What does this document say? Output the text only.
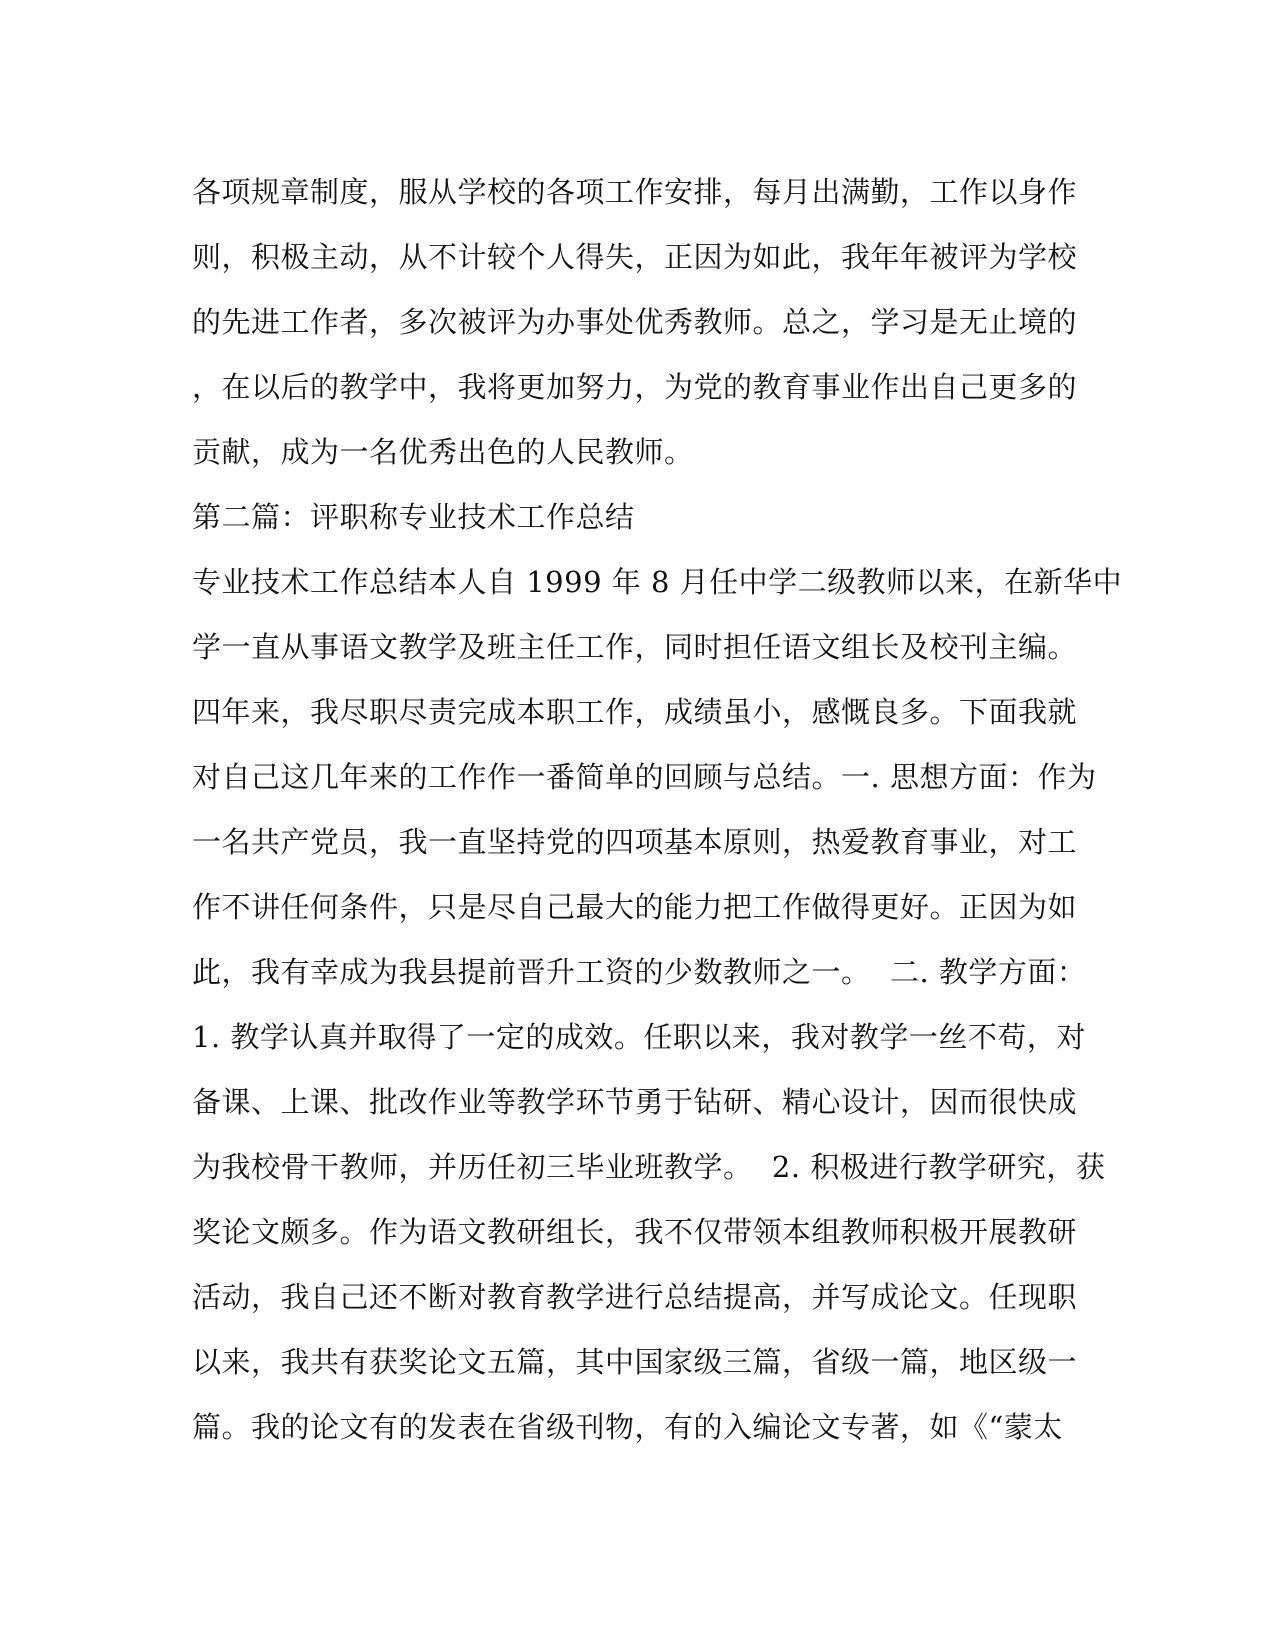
各项规章制度，服从学校的各项工作安排，每月出满勤，工作以身作
则，积极主动，从不计较个人得失，正因为如此，我年年被评为学校
的先进工作者，多次被评为办事处优秀教师。总之，学习是无止境的
，在以后的教学中，我将更加努力，为党的教育事业作出自己更多的
贡献，成为一名优秀出色的人民教师。
第二篇：评职称专业技术工作总结
专业技术工作总结本人自 1999 年 8 月任中学二级教师以来，在新华中
学一直从事语文教学及班主任工作，同时担任语文组长及校刊主编。
四年来，我尽职尽责完成本职工作，成绩虽小，感慨良多。下面我就
对自己这几年来的工作作一番简单的回顾与总结。一. 思想方面：作为
一名共产党员，我一直坚持党的四项基本原则，热爱教育事业，对工
作不讲任何条件，只是尽自己最大的能力把工作做得更好。正因为如
此，我有幸成为我县提前晋升工资的少数教师之一。  二. 教学方面：
1. 教学认真并取得了一定的成效。任职以来，我对教学一丝不苟，对
备课、上课、批改作业等教学环节勇于钻研、精心设计，因而很快成
为我校骨干教师，并历任初三毕业班教学。  2. 积极进行教学研究，获
奖论文颇多。作为语文教研组长，我不仅带领本组教师积极开展教研
活动，我自己还不断对教育教学进行总结提高，并写成论文。任现职
以来，我共有获奖论文五篇，其中国家级三篇，省级一篇，地区级一
篇。我的论文有的发表在省级刊物，有的入编论文专著，如《“蒙太
